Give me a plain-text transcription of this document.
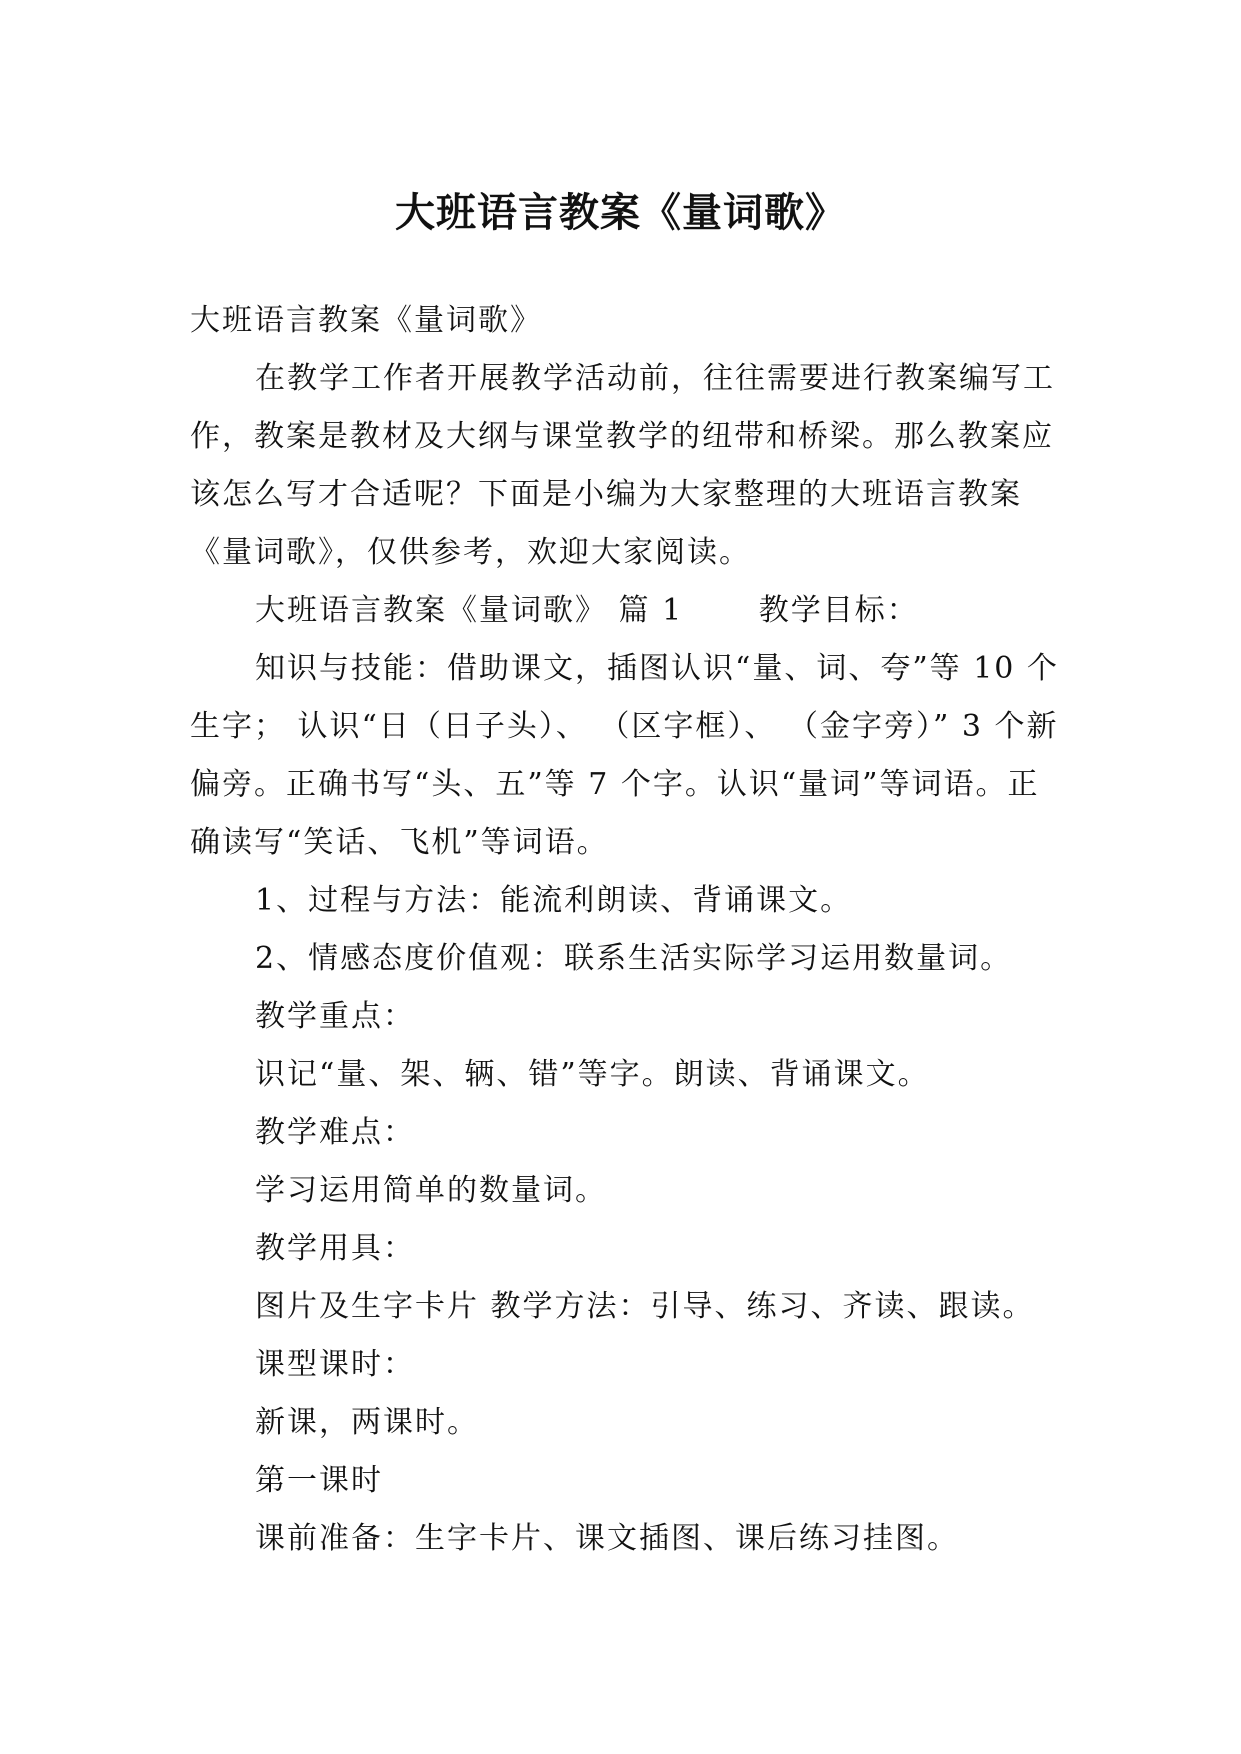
大班语言教案《量词歌》

大班语言教案《量词歌》

在教学工作者开展教学活动前，往往需要进行教案编写工作，教案是教材及大纲与课堂教学的纽带和桥梁。那么教案应该怎么写才合适呢？下面是小编为大家整理的大班语言教案《量词歌》，仅供参考，欢迎大家阅读。

大班语言教案《量词歌》 篇 1　　 教学目标：

知识与技能：借助课文，插图认识“量、词、夸”等 10 个生字； 认识“日（日子头）、 （区字框）、 （金字旁）” 3 个新偏旁。正确书写“头、五”等 7 个字。认识“量词”等词语。正确读写“笑话、飞机”等词语。

1、过程与方法：能流利朗读、背诵课文。

2、情感态度价值观：联系生活实际学习运用数量词。

教学重点：

识记“量、架、辆、错”等字。朗读、背诵课文。

教学难点：

学习运用简单的数量词。

教学用具：

图片及生字卡片 教学方法：引导、练习、齐读、跟读。

课型课时：

新课，两课时。

第一课时

课前准备：生字卡片、课文插图、课后练习挂图。
